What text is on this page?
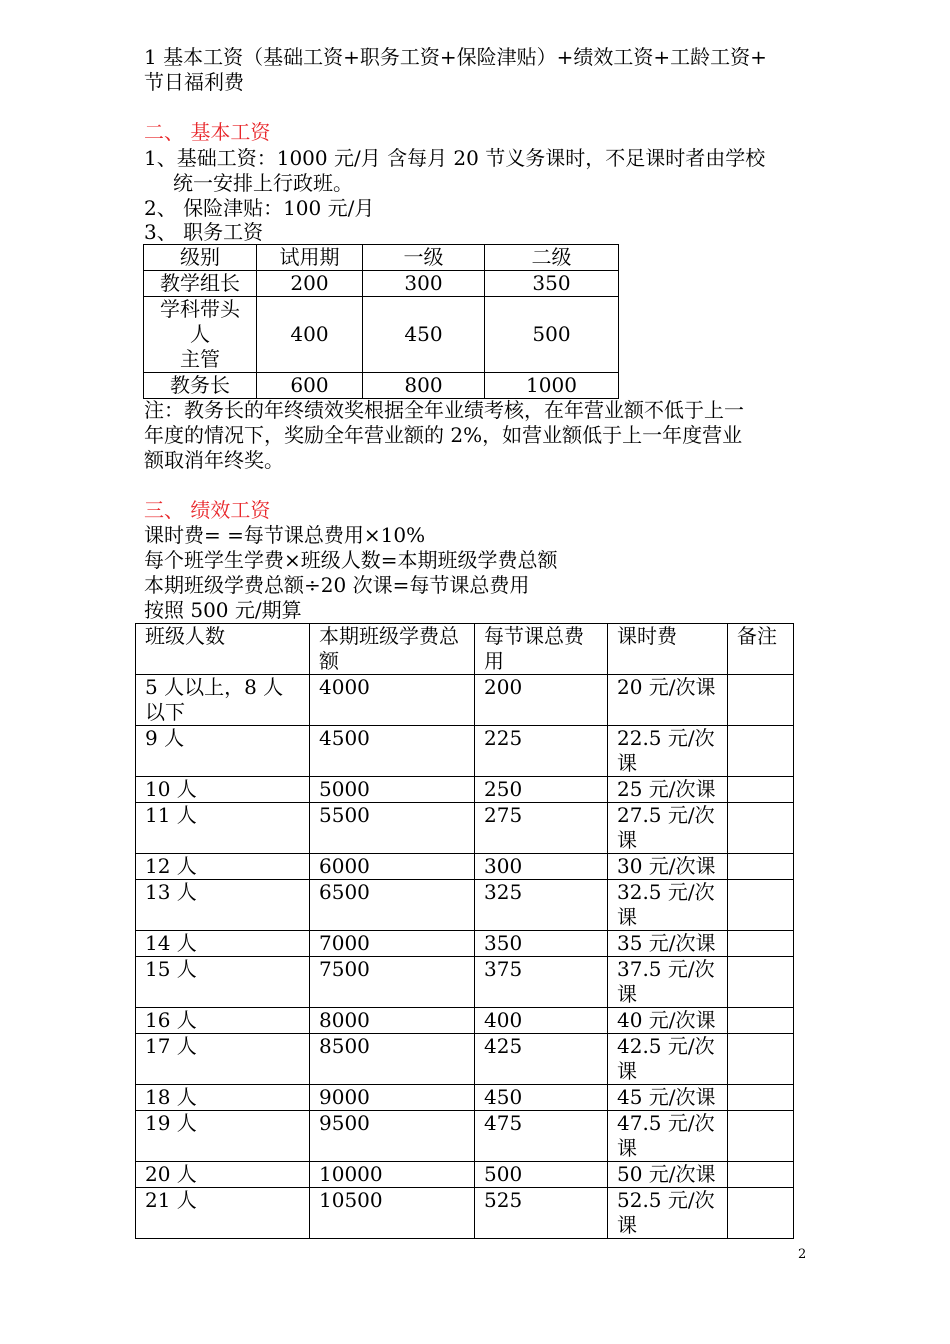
1 基本工资（基础工资+职务工资+保险津贴）+绩效工资+工龄工资+
节日福利费
二、 基本工资
1、基础工资：1000 元/月 含每月 20 节义务课时，不足课时者由学校
统一安排上行政班。
2、 保险津贴：100 元/月
3、 职务工资
级别	试用期	一级	二级
教学组长	200	300	350

学科带头
人
主管	400	450	500
教务长	600	800	1000
注：教务长的年终绩效奖根据全年业绩考核，在年营业额不低于上一
年度的情况下，奖励全年营业额的 2%，如营业额低于上一年度营业
额取消年终奖。
三、 绩效工资
课时费= =每节课总费用×10%
每个班学生学费×班级人数=本期班级学费总额
本期班级学费总额÷20 次课=每节课总费用
按照 500 元/期算
班级人数	本期班级学费总额	每节课总费用	课时费	备注
5 人以上，8 人以下	4000	200	20 元/次课	
9 人	4500	225	22.5 元/次课	
10 人	5000	250	25 元/次课	
11 人	5500	275	27.5 元/次课	
12 人	6000	300	30 元/次课	
13 人	6500	325	32.5 元/次课	
14 人	7000	350	35 元/次课	
15 人	7500	375	37.5 元/次课	
16 人	8000	400	40 元/次课	
17 人	8500	425	42.5 元/次课	
18 人	9000	450	45 元/次课	
19 人	9500	475	47.5 元/次课	
20 人	10000	500	50 元/次课	
21 人	10500	525	52.5 元/次课	
2
